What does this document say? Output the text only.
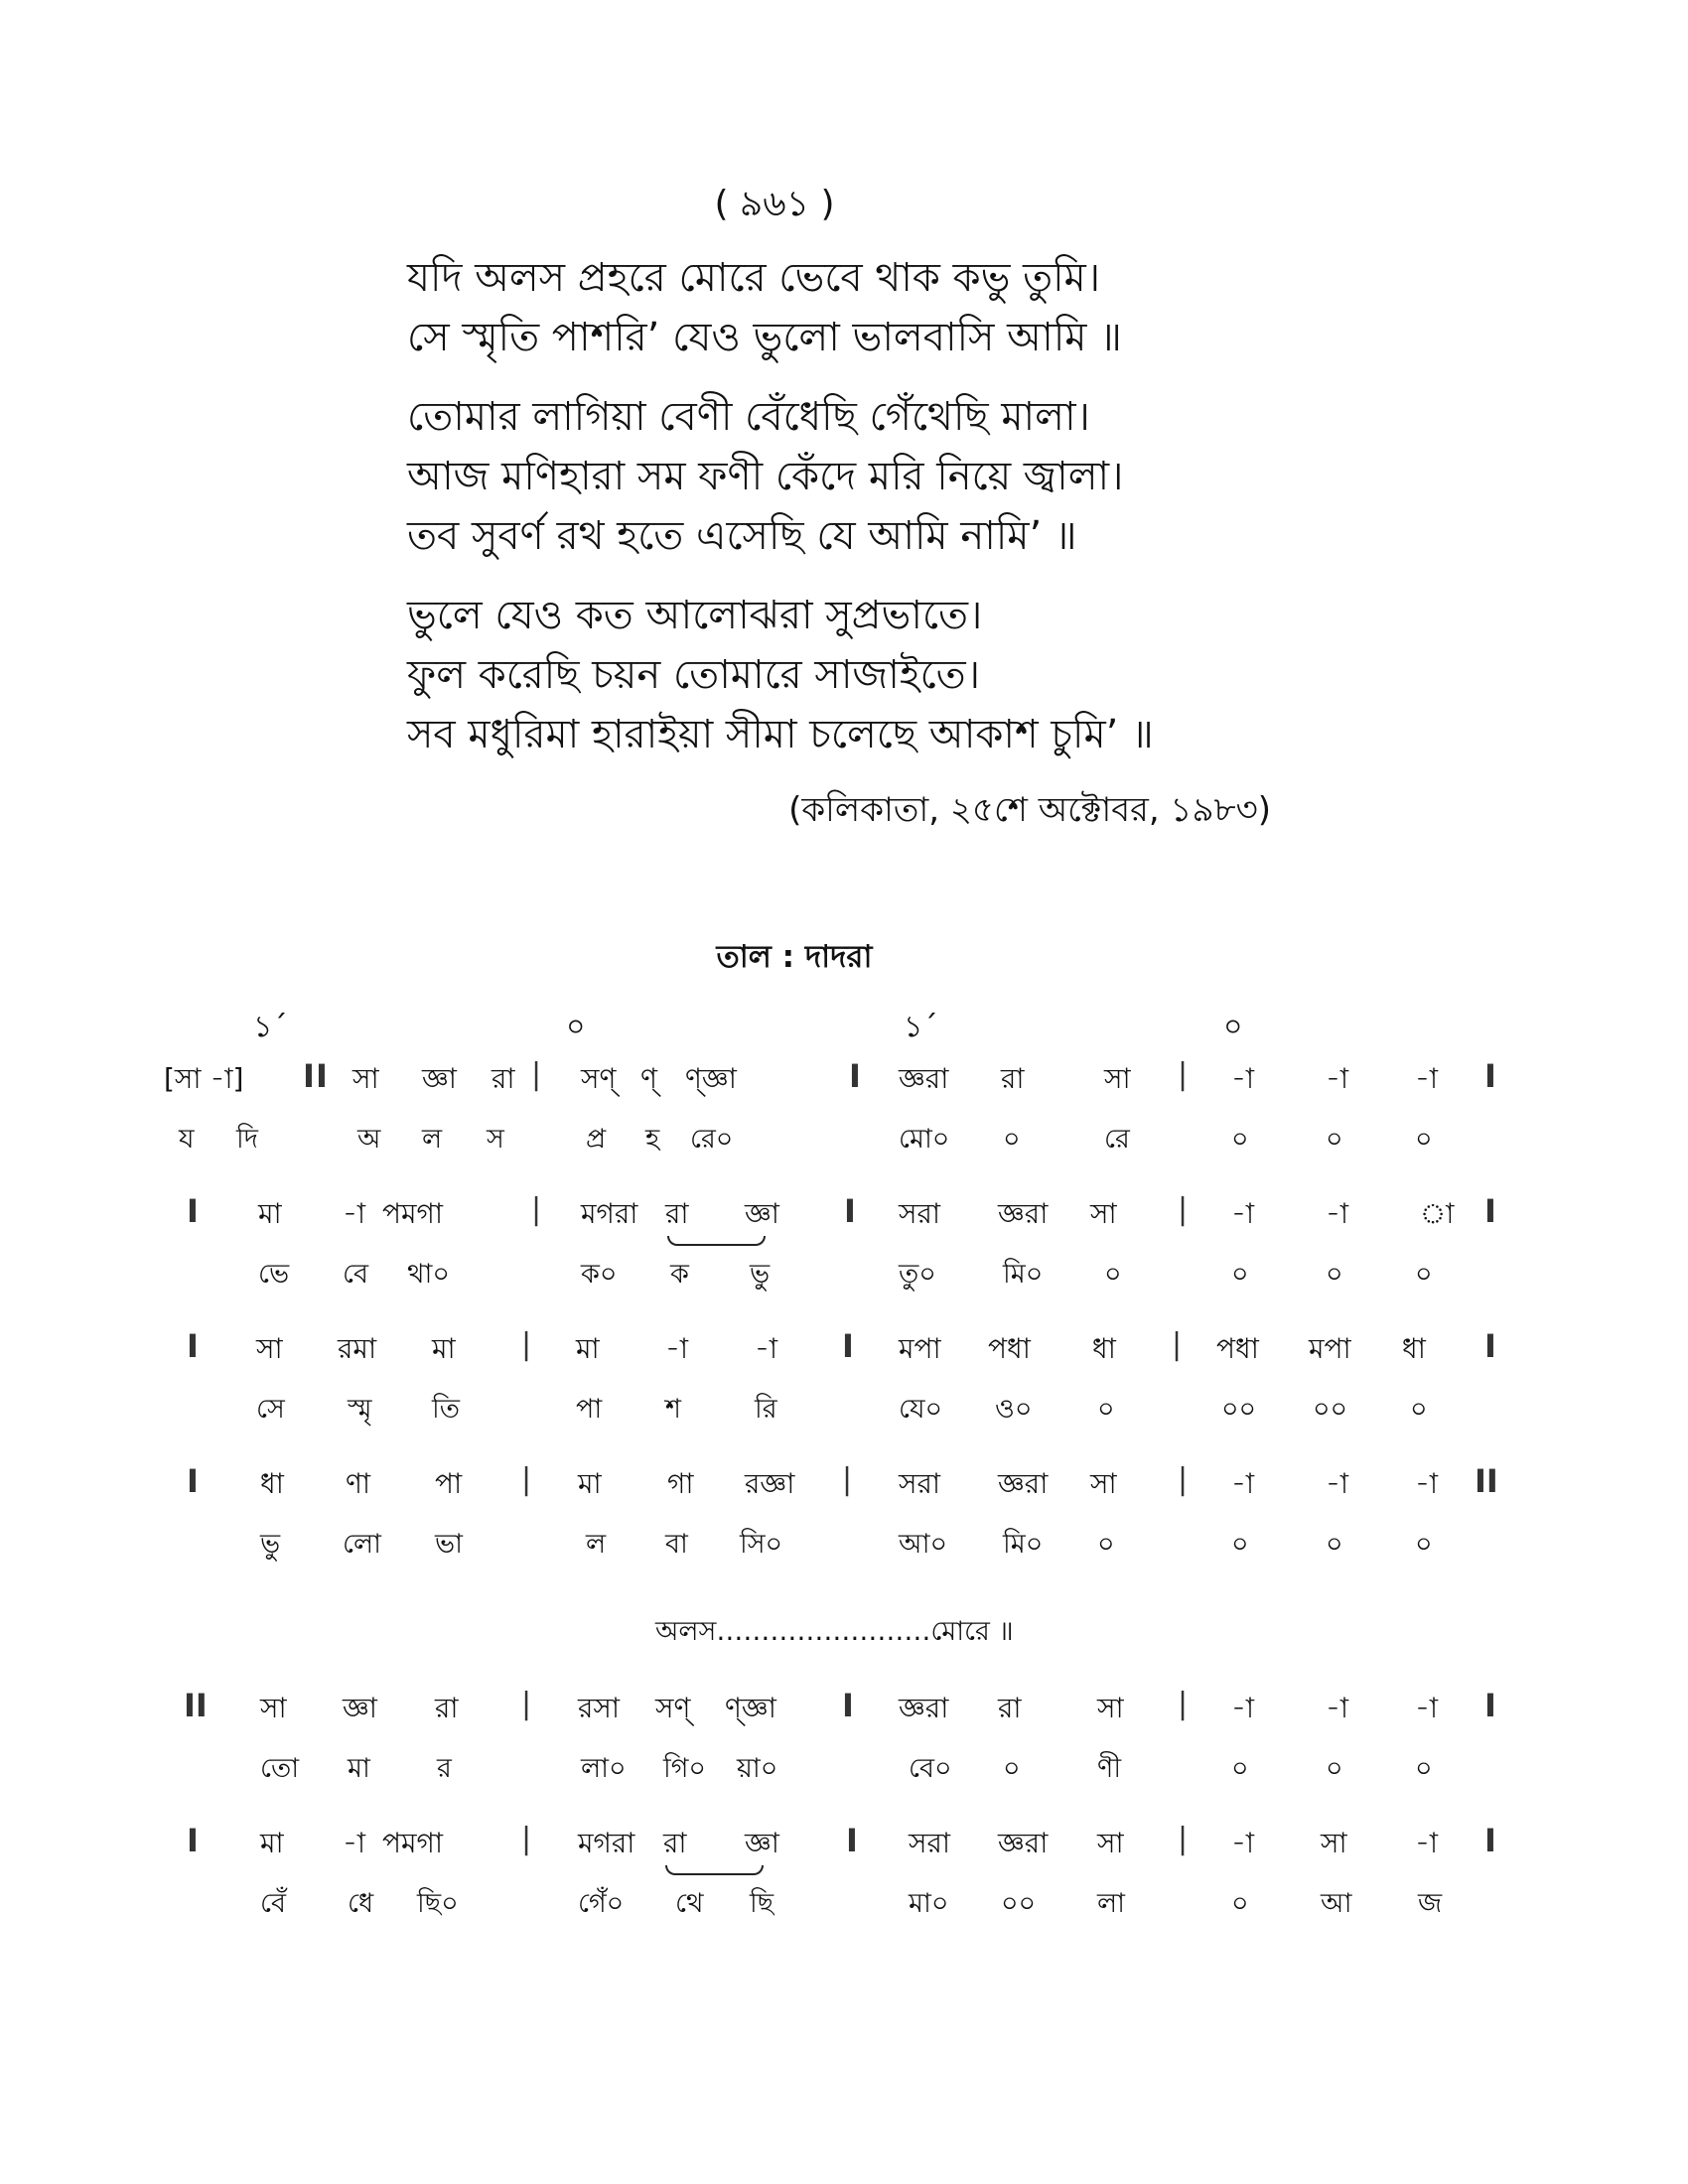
( ৯৬১ )
যদি অলস প্রহরে মোরে ভেবে থাক কভু তুমি।
সে স্মৃতি পাশরি’ যেও ভুলো ভালবাসি আমি ॥
তোমার লাগিয়া বেণী বেঁধেছি গেঁথেছি মালা।
আজ মণিহারা সম ফণী কেঁদে মরি নিয়ে জ্বালা।
তব সুবর্ণ রথ হতে এসেছি যে আমি নামি’ ॥
ভুলে যেও কত আলোঝরা সুপ্রভাতে।
ফুল করেছি চয়ন তোমারে সাজাইতে।
সব মধুরিমা হারাইয়া সীমা চলেছে আকাশ চুমি’ ॥
(কলিকাতা, ২৫শে অক্টোবর, ১৯৮৩)
তাল : দাদরা
১´	০	১´	০
[সা -া] I I সা জ্ঞা রা | সণ্ ণ্ ণ্জ্ঞা	I জ্ঞরা রা	সা | -া	-া -া I
য দি	অ ল স	প্র হ রে০	মো০ ০	রে	০	০	০
I মা -া পমগা	| মগরা রা জ্ঞা I সরা জ্ঞরা সা | -া	-া	া I
ভে বে থা০	ক০ ক ভু	তু০ মি০ ০	০	০	০
I সা রমা মা | মা -া -া I মপা পধা ধা | পধা মপা ধা I
সে স্মৃ তি	পা শ	রি	যে০ ও০ ০	০০ ০০ ০
I ধা ণা পা | মা গা রজ্ঞা | সরা জ্ঞরা সা | -া	-া -া II
ভু লো ভা	ল বা সি০	আ০ মি০ ০	০	০	০
অলস……………………মোরে ॥
II সা জ্ঞা রা | রসা সণ্ ণ্জ্ঞা I জ্ঞরা রা	সা | -া	-া -া I
তো মা র	লা০ গি০ য়া০	বে০ ০	ণী	০	০	০
I মা -া পমগা	| মগরা রা জ্ঞা I সরা জ্ঞরা সা | -া সা -া I
বেঁ ধে ছি০	গেঁ০ থে ছি	মা০ ০০ লা	০	আ জ
